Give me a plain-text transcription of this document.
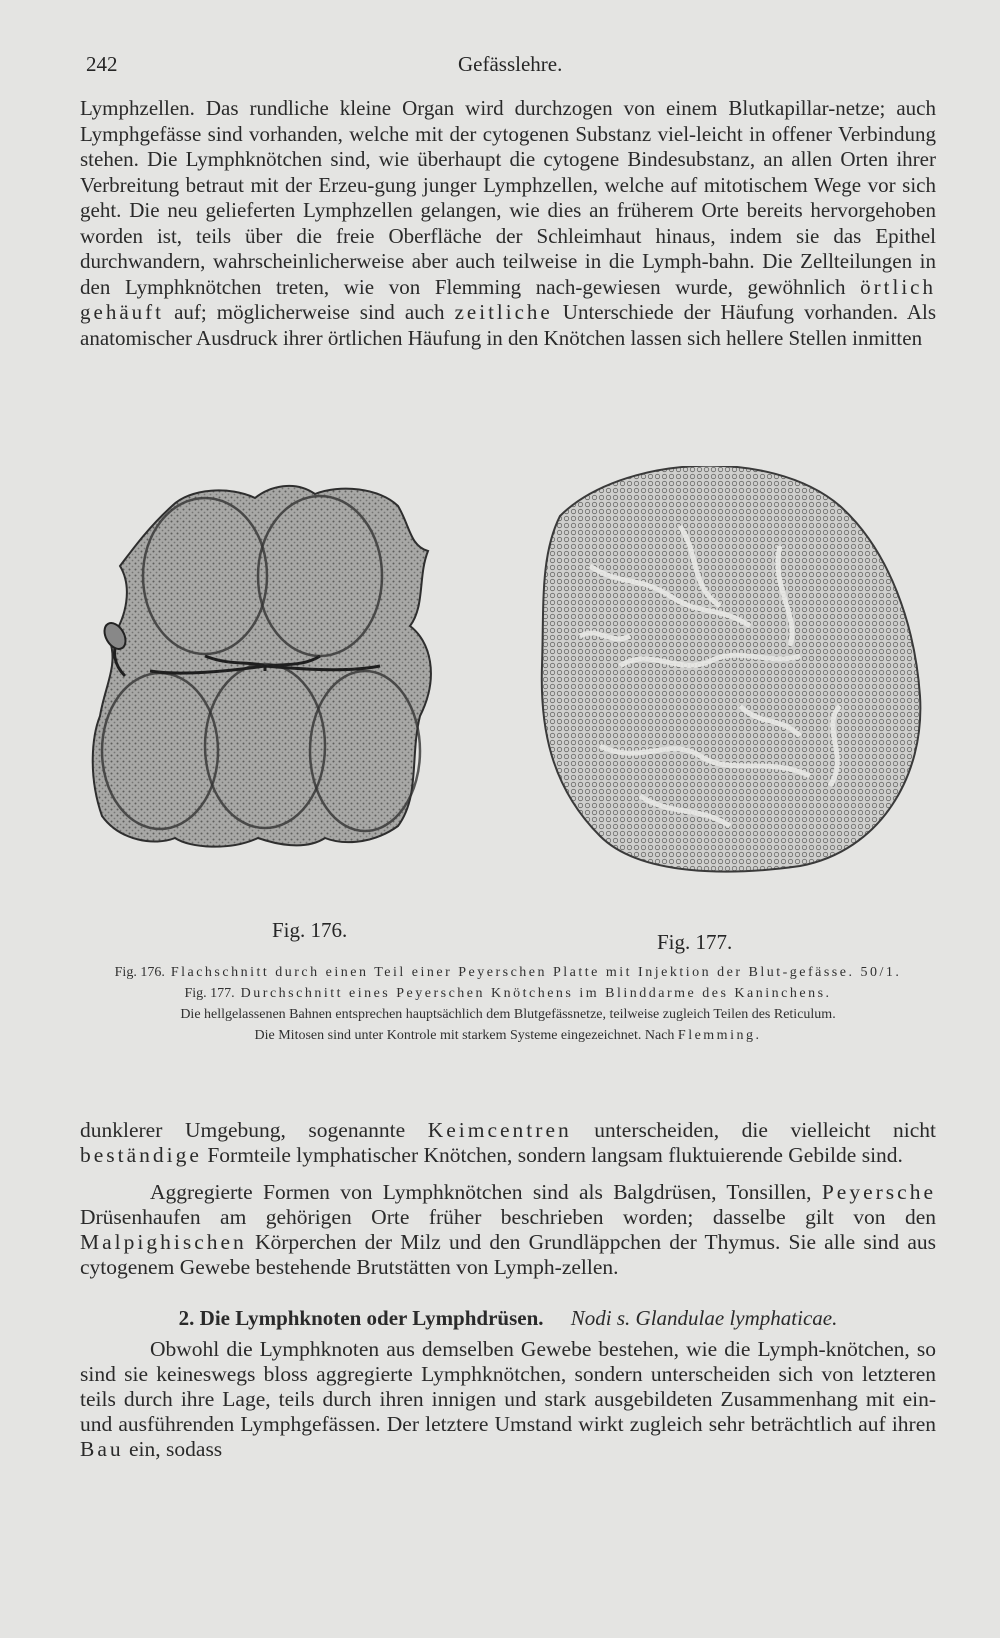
242	Gefässlehre.

Lymphzellen. Das rundliche kleine Organ wird durchzogen von einem Blutkapillar-netze; auch Lymphgefässe sind vorhanden, welche mit der cytogenen Substanz viel-leicht in offener Verbindung stehen. Die Lymphknötchen sind, wie überhaupt die cytogene Bindesubstanz, an allen Orten ihrer Verbreitung betraut mit der Erzeu-gung junger Lymphzellen, welche auf mitotischem Wege vor sich geht. Die neu gelieferten Lymphzellen gelangen, wie dies an früherem Orte bereits hervorgehoben worden ist, teils über die freie Oberfläche der Schleimhaut hinaus, indem sie das Epithel durchwandern, wahrscheinlicherweise aber auch teilweise in die Lymph-bahn. Die Zellteilungen in den Lymphknötchen treten, wie von Flemming nach-gewiesen wurde, gewöhnlich örtlich gehäuft auf; möglicherweise sind auch zeitliche Unterschiede der Häufung vorhanden. Als anatomischer Ausdruck ihrer örtlichen Häufung in den Knötchen lassen sich hellere Stellen inmitten

Fig. 176.	Fig. 177.

Fig. 176. Flachschnitt durch einen Teil einer Peyerschen Platte mit Injektion der Blut-gefässe. 50/1.

Fig. 177. Durchschnitt eines Peyerschen Knötchens im Blinddarme des Kaninchens.

Die hellgelassenen Bahnen entsprechen hauptsächlich dem Blutgefässnetze, teilweise zugleich Teilen des Reticulum.

Die Mitosen sind unter Kontrole mit starkem Systeme eingezeichnet. Nach Flemming.

dunklerer Umgebung, sogenannte Keimcentren unterscheiden, die vielleicht nicht beständige Formteile lymphatischer Knötchen, sondern langsam fluktuierende Gebilde sind.

Aggregierte Formen von Lymphknötchen sind als Balgdrüsen, Tonsillen, Peyersche Drüsenhaufen am gehörigen Orte früher beschrieben worden; dasselbe gilt von den Malpighischen Körperchen der Milz und den Grundläppchen der Thymus. Sie alle sind aus cytogenem Gewebe bestehende Brutstätten von Lymph-zellen.

2. Die Lymphknoten oder Lymphdrüsen. Nodi s. Glandulae lymphaticae.

Obwohl die Lymphknoten aus demselben Gewebe bestehen, wie die Lymph-knötchen, so sind sie keineswegs bloss aggregierte Lymphknötchen, sondern unterscheiden sich von letzteren teils durch ihre Lage, teils durch ihren innigen und stark ausgebildeten Zusammenhang mit ein- und ausführenden Lymphgefässen. Der letztere Umstand wirkt zugleich sehr beträchtlich auf ihren Bau ein, sodass
